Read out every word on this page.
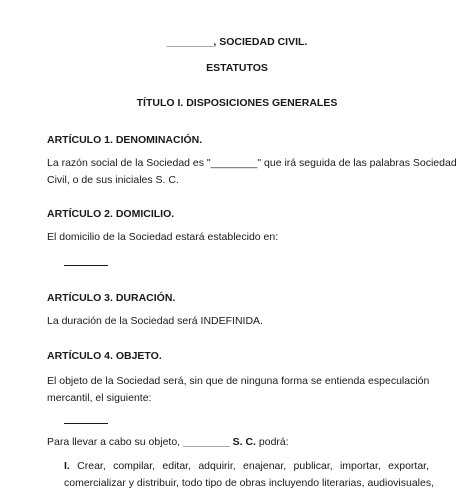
________, SOCIEDAD CIVIL.
ESTATUTOS
TÍTULO I. DISPOSICIONES GENERALES
ARTÍCULO 1. DENOMINACIÓN.
La razón social de la Sociedad es "________" que irá seguida de las palabras Sociedad
Civil, o de sus iniciales S. C.
ARTÍCULO 2. DOMICILIO.
El domicilio de la Sociedad estará establecido en:
ARTÍCULO 3. DURACIÓN.
La duración de la Sociedad será INDEFINIDA.
ARTÍCULO 4. OBJETO.
El objeto de la Sociedad será, sin que de ninguna forma se entienda especulación
mercantil, el siguiente:
Para llevar a cabo su objeto, ________ S. C. podrá:
I. Crear, compilar, editar, adquirir, enajenar, publicar, importar, exportar,
comercializar y distribuir, todo tipo de obras incluyendo literarias, audiovisuales,
